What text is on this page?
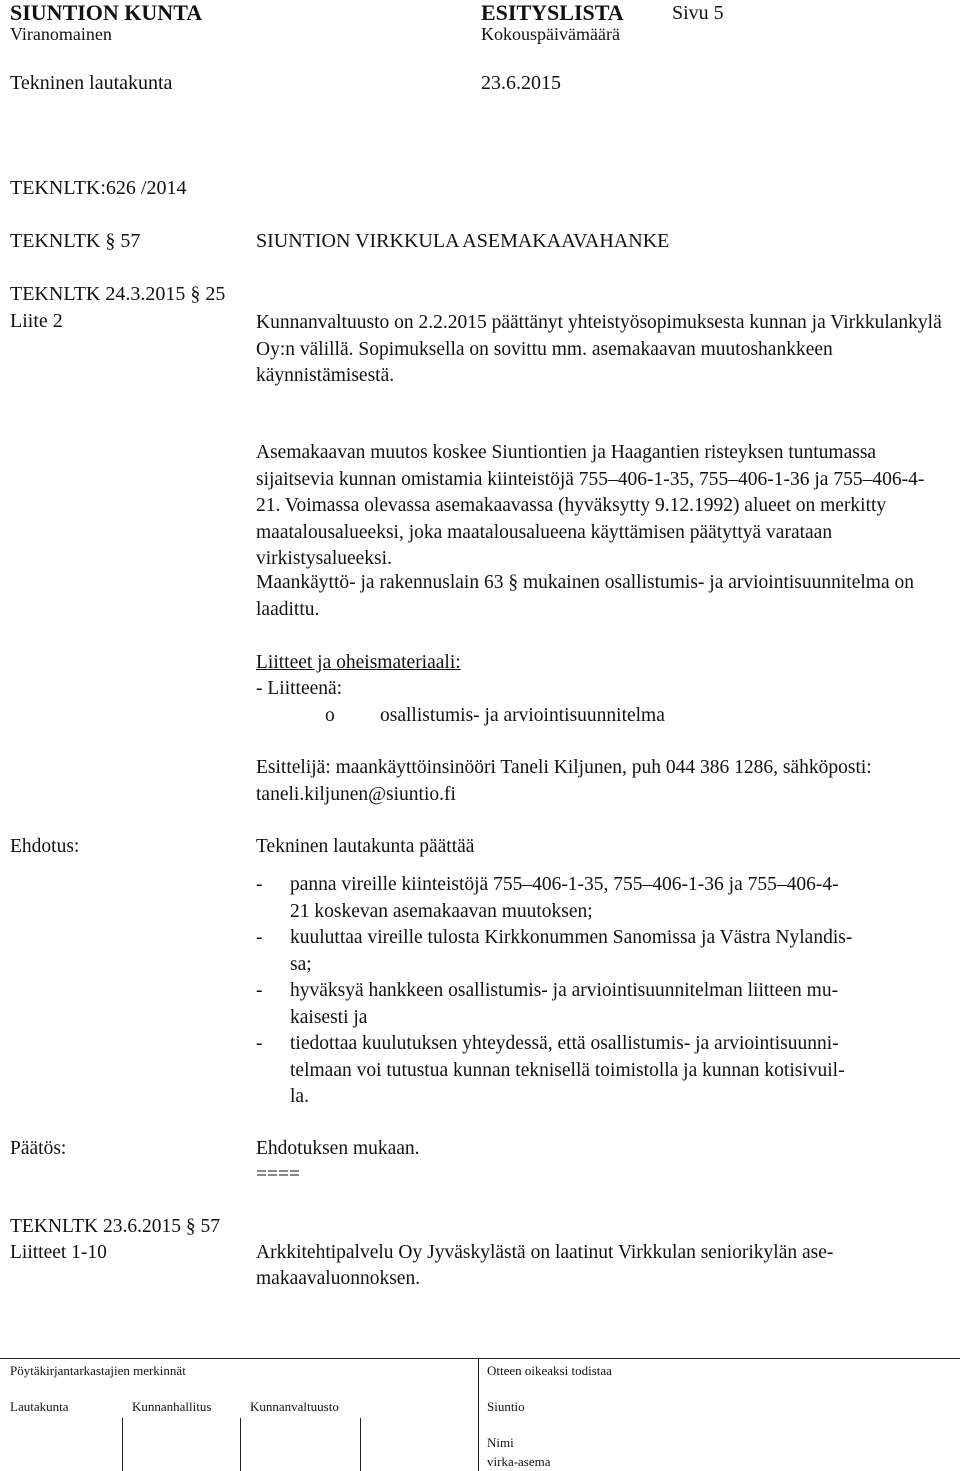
SIUNTION KUNTA	ESITYSLISTA Sivu 5
Viranomainen	Kokouspäivämäärä
Tekninen lautakunta	23.6.2015
TEKNLTK:626 /2014
TEKNLTK § 57	SIUNTION VIRKKULA ASEMAKAAVAHANKE
TEKNLTK 24.3.2015 § 25
Liite 2	Kunnanvaltuusto on 2.2.2015 päättänyt yhteistyösopimuksesta kunnan ja Virkkulankylä Oy:n välillä. Sopimuksella on sovittu mm. asemakaavan muutoshankkeen käynnistämisestä.
Asemakaavan muutos koskee Siuntiontien ja Haagantien risteyksen tuntumassa sijaitsevia kunnan omistamia kiinteistöjä 755‒406-1-35, 755‒406-1-36 ja 755‒406-4-21. Voimassa olevassa asemakaavassa (hyväksytty 9.12.1992) alueet on merkitty maatalousalueeksi, joka maatalousalueena käyttämisen päätyttyä varataan virkistysalueeksi.
Maankäyttö- ja rakennuslain 63 § mukainen osallistumis- ja arviointisuunnitelma on laadittu.
Liitteet ja oheismateriaali:
- Liitteenä:
o osallistumis- ja arviointisuunnitelma
Esittelijä: maankäyttöinsinööri Taneli Kiljunen, puh 044 386 1286, sähköposti: taneli.kiljunen@siuntio.fi
Ehdotus:	Tekninen lautakunta päättää
- panna vireille kiinteistöjä 755‒406-1-35, 755‒406-1-36 ja 755‒406-4-
21 koskevan asemakaavan muutoksen;
- kuuluttaa vireille tulosta Kirkkonummen Sanomissa ja Västra Nylandis-
sa;
- hyväksyä hankkeen osallistumis- ja arviointisuunnitelman liitteen mu-
kaisesti ja
- tiedottaa kuulutuksen yhteydessä, että osallistumis- ja arviointisuunni-
telmaan voi tutustua kunnan teknisellä toimistolla ja kunnan kotisivuil-
la.
Päätös:	Ehdotuksen mukaan.
====
TEKNLTK 23.6.2015 § 57
Liitteet 1-10	Arkkitehtipalvelu Oy Jyväskylästä on laatinut Virkkulan seniorikylän ase-
makaavaluonnoksen.
Pöytäkirjantarkastajien merkinnät	Otteen oikeaksi todistaa
Lautakunta	Kunnanhallitus	Kunnanvaltuusto	Siuntio
Nimi
virka-asema
